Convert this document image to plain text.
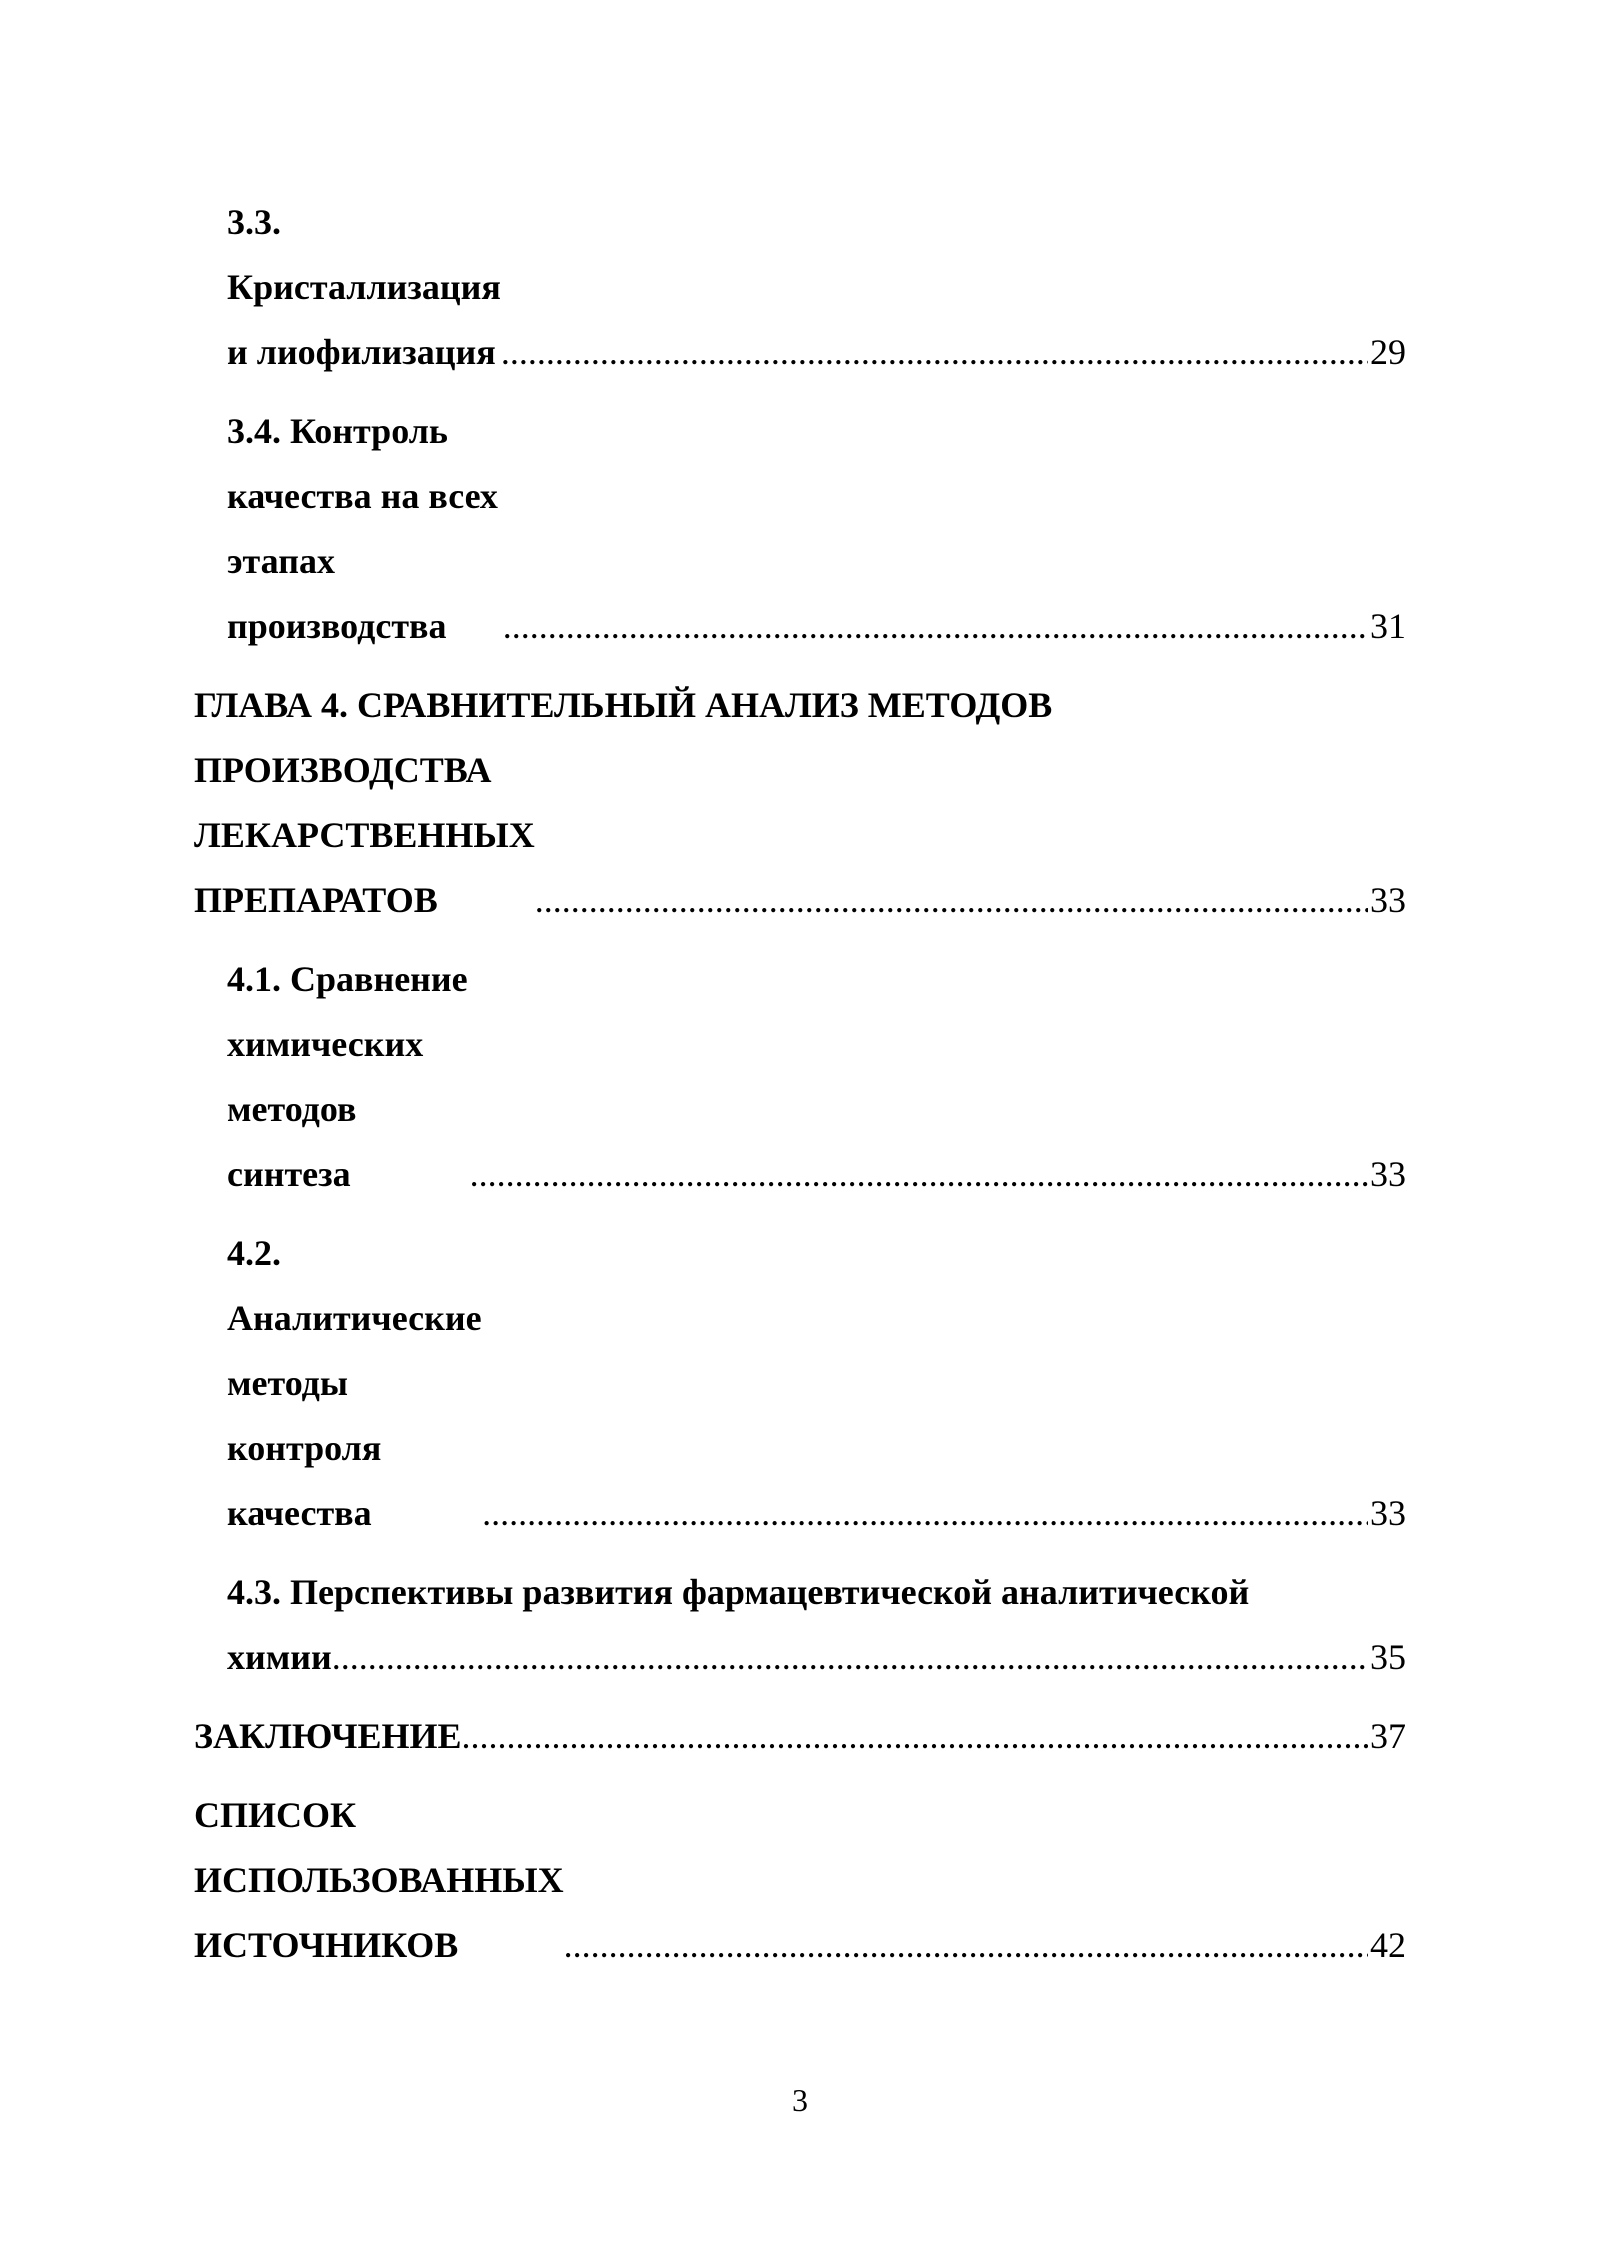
3.3. Кристаллизация и лиофилизация .....	29
3.4. Контроль качества на всех этапах производства .....	31
ГЛАВА 4. СРАВНИТЕЛЬНЫЙ АНАЛИЗ МЕТОДОВ
ПРОИЗВОДСТВА ЛЕКАРСТВЕННЫХ ПРЕПАРАТОВ .....	33
4.1. Сравнение химических методов синтеза .....	33
4.2. Аналитические методы контроля качества .....	33
4.3. Перспективы развития фармацевтической аналитической
химии .....	35
ЗАКЛЮЧЕНИЕ .....	37
СПИСОК ИСПОЛЬЗОВАННЫХ ИСТОЧНИКОВ .....	42
3
